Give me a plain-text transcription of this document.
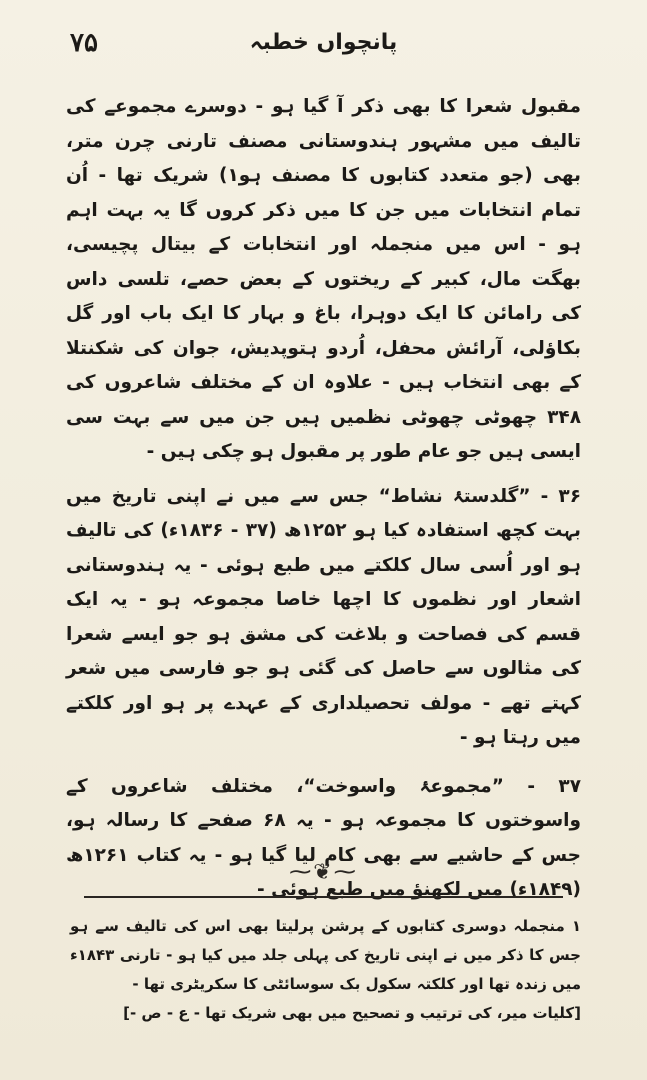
۷۵	پانچواں خطبہ

مقبول شعرا کا بھی ذکر آ گیا ہو - دوسرے مجموعے کی تالیف میں مشہور ہندوستانی مصنف تارنی چرن متر، بھی (جو متعدد کتابوں کا مصنف ہو۱) شریک تھا - اُن تمام انتخابات میں جن کا میں ذکر کروں گا یہ بہت اہم ہو - اس میں منجملہ اور انتخابات کے بیتال پچیسی، بھگت مال، کبیر کے ریختوں کے بعض حصے، تلسی داس کی رامائن کا ایک دوہرا، باغ و بہار کا ایک باب اور گل بکاؤلی، آرائش محفل، اُردو ہتوپدیش، جوان کی شکنتلا کے بھی انتخاب ہیں - علاوہ ان کے مختلف شاعروں کی ۳۴۸ چھوٹی چھوٹی نظمیں ہیں جن میں سے بہت سی ایسی ہیں جو عام طور پر مقبول ہو چکی ہیں -

۳۶ - ”گلدستۂ نشاط“ جس سے میں نے اپنی تاریخ میں بہت کچھ استفادہ کیا ہو ۱۲۵۲ھ (۳۷ - ۱۸۳۶ء) کی تالیف ہو اور اُسی سال کلکتے میں طبع ہوئی - یہ ہندوستانی اشعار اور نظموں کا اچھا خاصا مجموعہ ہو - یہ ایک قسم کی فصاحت و بلاغت کی مشق ہو جو ایسے شعرا کی مثالوں سے حاصل کی گئی ہو جو فارسی میں شعر کہتے تھے - مولف تحصیلداری کے عہدے پر ہو اور کلکتے میں رہتا ہو -

۳۷ - ”مجموعۂ واسوخت“، مختلف شاعروں کے واسوختوں کا مجموعہ ہو - یہ ۶۸ صفحے کا رسالہ ہو، جس کے حاشیے سے بھی کام لیا گیا ہو - یہ کتاب ۱۲۶۱ھ (۱۸۴۹ء) میں لکھنؤ میں طبع ہوئی -

⁓❦⁓

۱ منجملہ دوسری کتابوں کے پرشن پرلیتا بھی اس کی تالیف سے ہو جس کا ذکر میں نے اپنی تاریخ کی پہلی جلد میں کیا ہو - تارنی ۱۸۴۳ء میں زندہ تھا اور کلکتہ سکول بک سوسائٹی کا سکریٹری تھا -

[کلیات میر، کی ترتیب و تصحیح میں بھی شریک تھا - ع - ص -]
